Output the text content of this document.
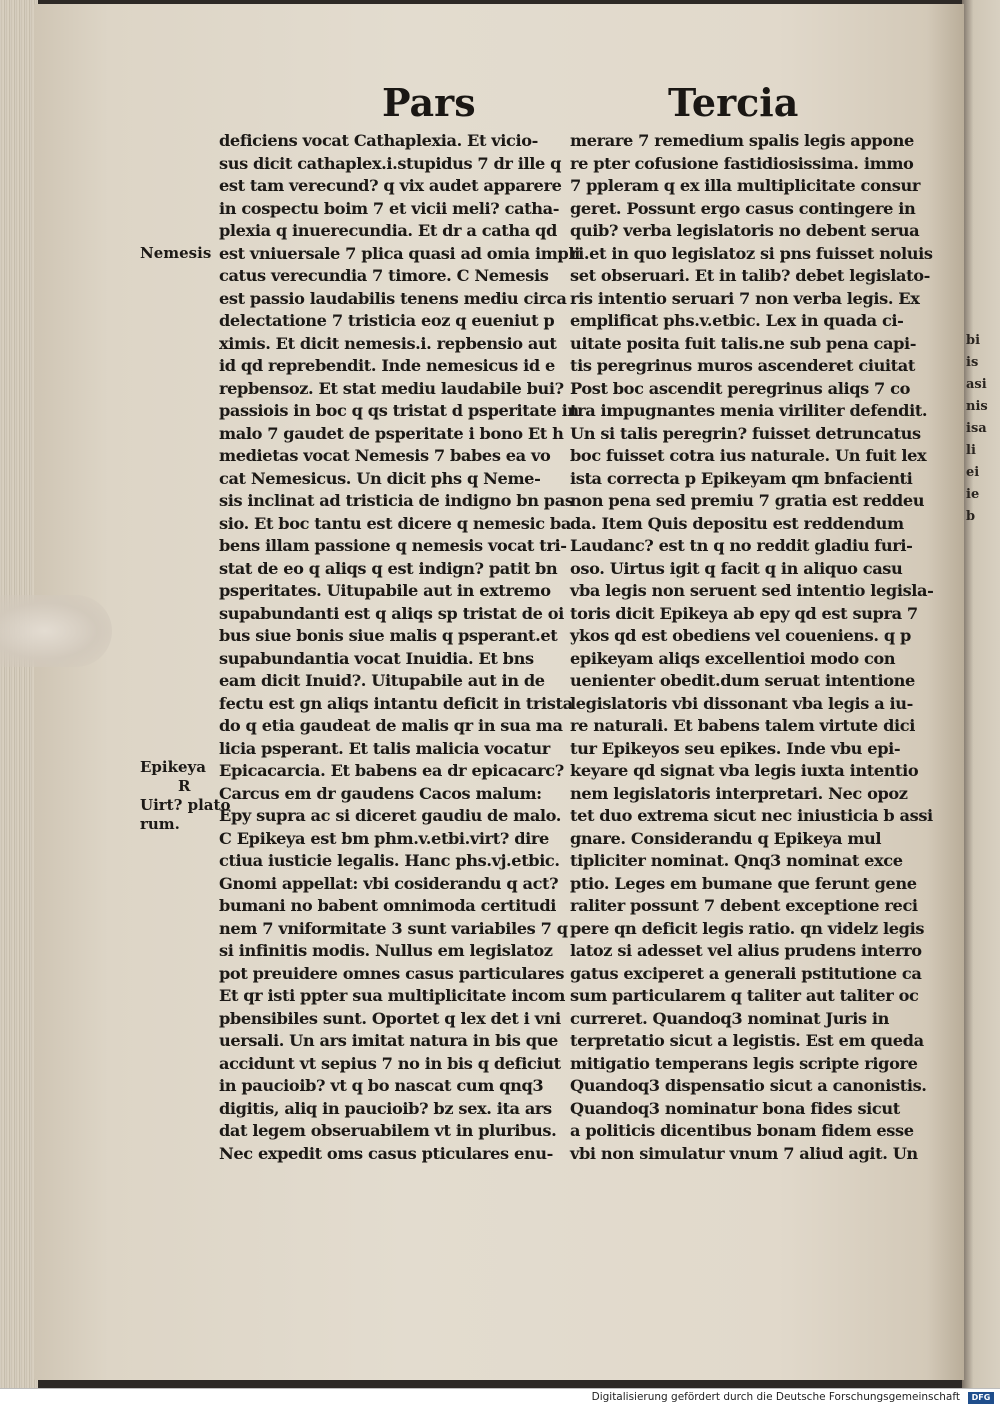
Pars	Tercia
Nemesis
Epikeya
R
Uirt? plato
rum.
deficiens vocat Cathaplexia. Et vicio-
sus dicit cathaplex.i.stupidus 7 dr ille q
est tam verecund? q vix audet apparere
in cospectu boim 7 et vicii meli? catha-
plexia q inuerecundia. Et dr a catha qd
est vniuersale 7 plica quasi ad omia impli
catus verecundia 7 timore. C Nemesis
est passio laudabilis tenens mediu circa
delectatione 7 tristicia eoz q eueniut p
ximis. Et dicit nemesis.i. repbensio aut
id qd reprebendit. Inde nemesicus id e
repbensoz. Et stat mediu laudabile bui?
passiois in boc q qs tristat d psperitate in
malo 7 gaudet de psperitate i bono Et h
medietas vocat Nemesis 7 babes ea vo
cat Nemesicus. Un dicit phs q Neme-
sis inclinat ad tristicia de indigno bn pas
sio. Et boc tantu est dicere q nemesic ba
bens illam passione q nemesis vocat tri-
stat de eo q aliqs q est indign? patit bn
psperitates. Uitupabile aut in extremo
supabundanti est q aliqs sp tristat de oi
bus siue bonis siue malis q psperant.et
supabundantia vocat Inuidia. Et bns
eam dicit Inuid?. Uitupabile aut in de
fectu est gn aliqs intantu deficit in trista
do q etia gaudeat de malis qr in sua ma
licia psperant. Et talis malicia vocatur
Epicacarcia. Et babens ea dr epicacarc?
Carcus em dr gaudens Cacos malum:
Epy supra ac si diceret gaudiu de malo.
C Epikeya est bm phm.v.etbi.virt? dire
ctiua iusticie legalis. Hanc phs.vj.etbic.
Gnomi appellat: vbi cosiderandu q act?
bumani no babent omnimoda certitudi
nem 7 vniformitate 3 sunt variabiles 7 q
si infinitis modis. Nullus em legislatoz
pot preuidere omnes casus particulares
Et qr isti ppter sua multiplicitate incom
pbensibiles sunt. Oportet q lex det i vni
uersali. Un ars imitat natura in bis que
accidunt vt sepius 7 no in bis q deficiut
in paucioib? vt q bo nascat cum qnq3
digitis, aliq in paucioib? bz sex. ita ars
dat legem obseruabilem vt in pluribus.
Nec expedit oms casus pticulares enu-
merare 7 remedium spalis legis appone
re pter cofusione fastidiosissima. immo
7 ppleram q ex illa multiplicitate consur
geret. Possunt ergo casus contingere in
quib? verba legislatoris no debent serua
ri.et in quo legislatoz si pns fuisset noluis
set obseruari. Et in talib? debet legislato-
ris intentio seruari 7 non verba legis. Ex
emplificat phs.v.etbic. Lex in quada ci-
uitate posita fuit talis.ne sub pena capi-
tis peregrinus muros ascenderet ciuitat
Post boc ascendit peregrinus aliqs 7 co
tra impugnantes menia viriliter defendit.
Un si talis peregrin? fuisset detruncatus
boc fuisset cotra ius naturale. Un fuit lex
ista correcta p Epikeyam qm bnfacienti
non pena sed premiu 7 gratia est reddeu
da. Item Quis depositu est reddendum
Laudanc? est tn q no reddit gladiu furi-
oso. Uirtus igit q facit q in aliquo casu
vba legis non seruent sed intentio legisla-
toris dicit Epikeya ab epy qd est supra 7
ykos qd est obediens vel coueniens. q p
epikeyam aliqs excellentioi modo con
uenienter obedit.dum seruat intentione
legislatoris vbi dissonant vba legis a iu-
re naturali. Et babens talem virtute dici
tur Epikeyos seu epikes. Inde vbu epi-
keyare qd signat vba legis iuxta intentio
nem legislatoris interpretari. Nec opoz
tet duo extrema sicut nec iniusticia b assi
gnare. Considerandu q Epikeya mul
tipliciter nominat. Qnq3 nominat exce
ptio. Leges em bumane que ferunt gene
raliter possunt 7 debent exceptione reci
pere qn deficit legis ratio. qn videlz legis
latoz si adesset vel alius prudens interro
gatus exciperet a generali pstitutione ca
sum particularem q taliter aut taliter oc
curreret. Quandoq3 nominat Juris in
terpretatio sicut a legistis. Est em queda
mitigatio temperans legis scripte rigore
Quandoq3 dispensatio sicut a canonistis.
Quandoq3 nominatur bona fides sicut
a politicis dicentibus bonam fidem esse
vbi non simulatur vnum 7 aliud agit. Un
bi
is
asi
nis
isa
li
ei
ie
b
Digitalisierung gefördert durch die Deutsche Forschungsgemeinschaft	DFG
